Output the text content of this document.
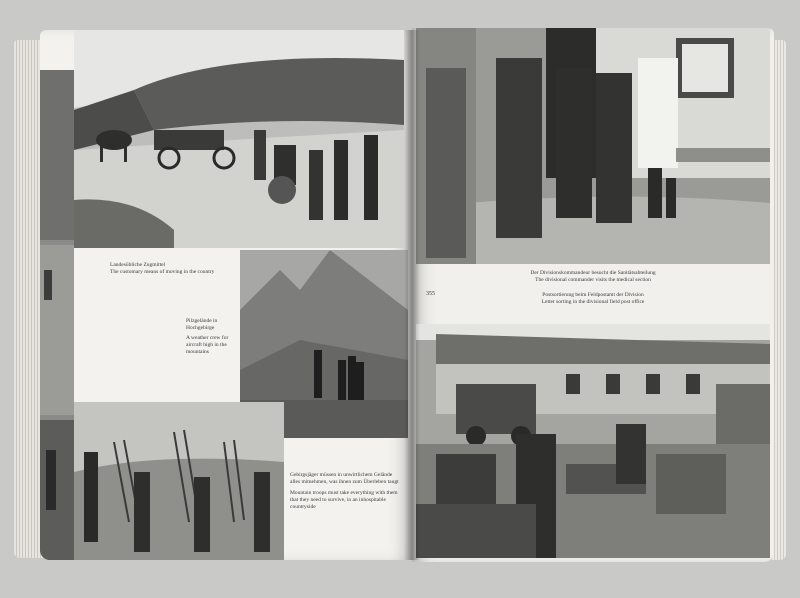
Landesübliche Zugmittel
The customary means of moving in the country
Pilzgelände in Hochgebirge
A weather crew for aircraft high in the mountains
Gebirgsjäger müssen in unwirtlichem Gelände alles mitnehmen, was ihnen zum Überleben taugt
Mountain troops must take everything with them that they need to survive, in an inhospitable countryside
Der Divisionskommandeur besucht die Sanitätsabteilung
The divisional commander visits the medical section
355	Postsortierung beim Feldpostamt der Division
Letter sorting in the divisional field post office
